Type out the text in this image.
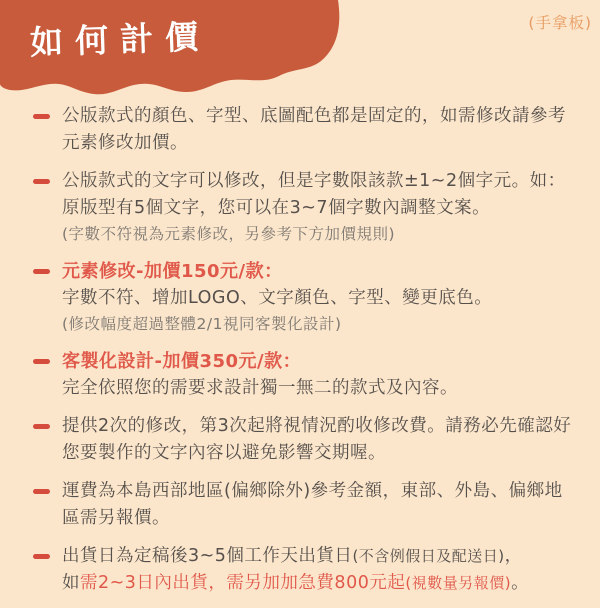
如何計價	(手拿板)
公版款式的顏色、字型、底圖配色都是固定的，如需修改請參考元素修改加價。
公版款式的文字可以修改，但是字數限該款±1~2個字元。如：原版型有5個文字，您可以在3~7個字數內調整文案。
(字數不符視為元素修改，另參考下方加價規則)
元素修改-加價150元/款：
字數不符、增加LOGO、文字顏色、字型、變更底色。
(修改幅度超過整體2/1視同客製化設計)
客製化設計-加價350元/款：
完全依照您的需要求設計獨一無二的款式及內容。
提供2次的修改，第3次起將視情況酌收修改費。請務必先確認好您要製作的文字內容以避免影響交期喔。
運費為本島西部地區(偏鄉除外)參考金額，東部、外島、偏鄉地區需另報價。
出貨日為定稿後3~5個工作天出貨日(不含例假日及配送日)，
如需2~3日內出貨，需另加加急費800元起(視數量另報價)。
